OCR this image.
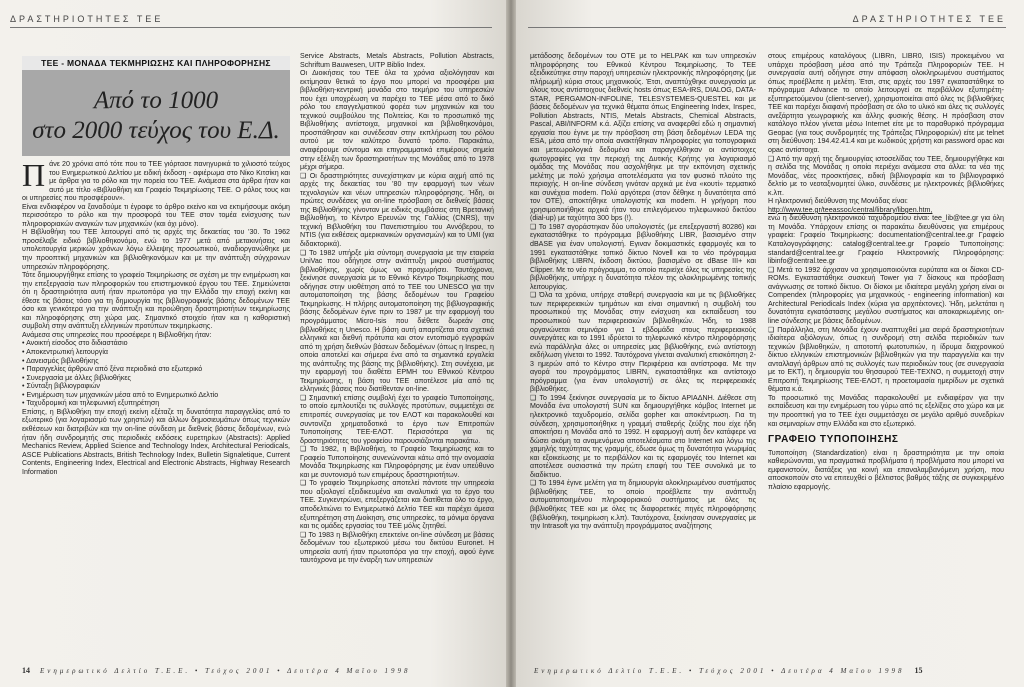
ΔΡΑΣΤΗΡΙΟΤΗΤΕΣ ΤΕΕ
ΤΕΕ - ΜΟΝΑΔΑ ΤΕΚΜΗΡΙΩΣΗΣ ΚΑΙ ΠΛΗΡΟΦΟΡΗΣΗΣ
Από το 1000
στο 2000 τεύχος του Ε.Δ.

Πάνε 20 χρόνια από τότε που το ΤΕΕ γιόρτασε πανηγυρικά το χιλιοστό τεύχος του Ενημερωτικού Δελτίου με ειδική έκδοση - αφιέρωμα στο Νίκο Κιτσίκη και με άρθρα για το ρόλο και την πορεία του ΤΕΕ. Ανάμεσα στα άρθρα ήταν και αυτό με τίτλο «Βιβλιοθήκη και Γραφείο Τεκμηρίωσης ΤΕΕ. Ο ρόλος τους και οι υπηρεσίες που προσφέρουν».

Είναι ενδιαφέρον να ξαναδούμε τι έγραφε το άρθρο εκείνο και να εκτιμήσουμε ακόμη περισσότερο το ρόλο και την προσφορά του ΤΕΕ στον τομέα ενίσχυσης των πληροφοριακών αναγκών των μηχανικών (και όχι μόνο).

Η Βιβλιοθήκη του ΤΕΕ λειτουργεί από τις αρχές της δεκαετίας του '30. Το 1962 προσέλαβε ειδικό βιβλιοθηκονόμο, ενώ το 1977 μετά από μετακινήσεις και υπολειτουργία μερικών χρόνων λόγω έλλειψης προσωπικού, αναδιοργανώθηκε με την προοπτική μηχανικών και βιβλιοθηκονόμων και με την ανάπτυξη σύγχρονων υπηρεσιών πληροφόρησης.

Τότε δημιουργήθηκε επίσης το γραφείο Τεκμηρίωσης σε σχέση με την ενημέρωση και την επεξεργασία των πληροφοριών του επιστημονικού έργου του ΤΕΕ. Σημειώνεται ότι η δραστηριότητα αυτή ήταν πρωτοπόρα για την Ελλάδα την εποχή εκείνη και έθεσε τις βάσεις τόσο για τη δημιουργία της βιβλιογραφικής βάσης δεδομένων ΤΕΕ όσο και γενικότερα για την ανάπτυξη και προώθηση δραστηριοτήτων τεκμηρίωσης και πληροφόρησης στη χώρα μας. Σημαντικό στοιχείο ήταν και η καθοριστική συμβολή στην ανάπτυξη ελληνικών προτύπων τεκμηρίωσης.

Ανάμεσα στις υπηρεσίες που προσέφερε η Βιβλιοθήκη ήταν:

• Ανοικτή είσοδος στο διδιαστάσιο
• Αποκεντρωτική λειτουργία
• Δανεισμός βιβλιοθήκης
• Παραγγελίες άρθρων από ξένα περιοδικά στο εξωτερικό
• Συνεργασία με άλλες βιβλιοθήκες
• Σύνταξη βιβλιογραφιών
• Ενημέρωση των μηχανικών μέσα από το Ενημερωτικό Δελτίο
• Ταχυδρομική και τηλεφωνική εξυπηρέτηση

Επίσης, η Βιβλιοθήκη την εποχή εκείνη εξέταζε τη δυνατότητα παραγγελίας από το εξωτερικό (για λογαριασμό των χρηστών) και άλλων δημοσιευμάτων όπως τεχνικών εκθέσεων και διατριβών και την on-line σύνδεση με διεθνείς βάσεις δεδομένων, ενώ ήταν ήδη συνδρομητής στις περιοδικές εκδόσεις ευρετηρίων (Abstracts): Applied Mechanics Review, Applied Science and Technology Index, Architectural Periodicals, ASCE Publications Abstracts, British Technology Index, Bulletin Signaletique, Current Contents, Engineering Index, Electrical and Electronic Abstracts, Highway Research Information

Service Abstracts, Metals Abstracts, Pollution Abstracts, Schriftum Bauwesen, UITP Biblio Index.

Οι Διοικήσεις του ΤΕΕ όλα τα χρόνια αξιολόγησαν και εκτίμησαν θετικά το έργο που μπορεί να προσφέρει μια βιβλιοθήκη-κεντρική μονάδα στο τεκμήριο του υπηρεσιών που έχει υποχρέωση να παρέχει το ΤΕΕ μέσα από το δικό ρόλο του επαγγελματικού φορέα των μηχανικών και του τεχνικού συμβούλου της Πολιτείας. Και το προσωπικό της Βιβλιοθήκης αντίστοιχα, μηχανικοί και βιβλιοθηκονόμοι, προσπάθησαν και συνέδεσαν στην εκπλήρωση του ρόλου αυτού με τον καλύτερο δυνατό τρόπο. Παρακάτω, αναφέρουμε σύντομα και επιγραμματικά επιμέρους σημεία στην εξέλιξη των δραστηριοτήτων της Μονάδας από το 1978 μέχρι σήμερα.

❑ Οι δραστηριότητες συνεχίστηκαν με κύρια αιχμή από τις αρχές της δεκαετίας του '80 την εφαρμογή των νέων τεχνολογιών και νέων υπηρεσιών πληροφόρησης. Ήδη, οι πρώτες συνδέσεις για on-line πρόσβαση σε διεθνείς βάσεις της Βιβλιοθήκης γίνονταν με ειδικές συμβάσεις στη Βρετανική Βιβλιοθήκη, το Κέντρο Ερευνών της Γαλλίας (CNRS), την τεχνική Βιβλιοθήκη του Πανεπιστημίου του Αννόβερου, το NTIS (για εκθέσεις αμερικανικών οργανισμών) και το UMI (για διδακτορικά).

❑ Το 1982 υπήρξε μία σύντομη συνεργασία με την εταιρεία UniVac που οδήγησε στην ανάπτυξη μικρού συστήματος βιβλιοθήκης, χωρίς όμως να προχωρήσει. Ταυτόχρονα, ξεκίνησε συνεργασία με το Εθνικό Κέντρο Τεκμηρίωσης που οδήγησε στην υιοθέτηση από το ΤΕΕ του UNESCO για την αυτοματοποίηση της βάσης δεδομένων του Γραφείου Τεκμηρίωσης. Η πλήρης αυτοματοποίηση της βιβλιογραφικής βάσης δεδομένων έγινε πριν το 1987 με την εφαρμογή του προγράμματος Micro-Isis που διέθετε δωρεάν στις βιβλιοθήκες η Unesco. Η βάση αυτή απαρτίζεται στα σχετικά ελληνικά και διεθνή πρότυπα και στον εντοπισμό εγγραφών από τη χρήση διεθνών βάσεων δεδομένων (όπως η Inspec, η οποία αποτελεί και σήμερα ένα από τα σημαντικά εργαλεία της ανάπτυξης της βάσης της βιβλιοθήκης). Στη συνέχεια, με την εφαρμογή του διαθέτει ΕΡΜΗ του Εθνικού Κέντρου Τεκμηρίωσης, η βάση του ΤΕΕ αποτέλεσε μία από τις ελληνικές βάσεις που διατίθενταν on-line.

❑ Σημαντική επίσης συμβολή έχει το γραφείο Τυποποίησης, το οποίο εμπλουτίζει τις συλλογές προτύπων, συμμετέχει σε επιτροπές συνεργασίας με τον ΕΛΟΤ και παρακολουθεί και συντονίζει χρηματοδοτικά το έργο των Επιτροπών Τυποποίησης ΤΕΕ-ΕΛΟΤ. Περισσότερα για τις δραστηριότητες του γραφείου παρουσιάζονται παρακάτω.

❑ Το 1982, η Βιβλιοθήκη, το Γραφείο Τεκμηρίωσης και το Γραφείο Τυποποίησης συνενώνονται κάτω από την ονομασία Μονάδα Τεκμηρίωσης και Πληροφόρησης με έναν υπεύθυνο και με συντονισμό των επιμέρους δραστηριοτήτων.

❑ Το γραφείο Τεκμηρίωσης αποτελεί πάντοτε την υπηρεσία που αξιολογεί εξειδικευμένα και αναλυτικά για το έργο του ΤΕΕ. Συγκεντρώνει, επεξεργάζεται και διατίθεται όλο το έργο, αποδελτιώνει το Ενημερωτικό Δελτίο ΤΕΕ και παρέχει άμεσα εξυπηρέτηση στη Διοίκηση, στις υπηρεσίες, τα μόνιμα όργανα και τις ομάδες εργασίας του ΤΕΕ μόλις ζητηθεί.

❑ Το 1983 η Βιβλιοθήκη επεκτείνε on-line σύνδεση με βάσεις δεδομένων του εξωτερικού μέσω του δικτύου Euronet. Η υπηρεσία αυτή ήταν πρωτοπόρα για την εποχή, αφού έγινε ταυτόχρονα με την έναρξη των υπηρεσιών

14 Ενημερωτικό Δελτίο Τ.Ε.Ε. • Τεύχος 2001 • Δευτέρα 4 Μαΐου 1998
ΔΡΑΣΤΗΡΙΟΤΗΤΕΣ ΤΕΕ

μετάδοσης δεδομένων του ΟΤΕ με το HELPAK και των υπηρεσιών πληροφόρησης του Εθνικού Κέντρου Τεκμηρίωσης. Το ΤΕΕ εξειδικεύτηκε στην παροχή υπηρεσιών ηλεκτρονικής πληροφόρησης (με πλήρωμή) κύρια στους μηχανικούς. Έτσι, αναπτύχθηκε συνεργασία με όλους τους αντίστοιχους διεθνείς hosts όπως ESA-IRS, DIALOG, DATA-STAR, PERGAMON-INFOLINE, TELESYSTEMES-QUESTEL και με βάσεις δεδομένων για τεχνικά θέματα όπως Engineering Index, Inspec, Pollution Abstracts, NTIS, Metals Abstracts, Chemical Abstracts, Pascal, ABI/INFORM κ.ά. Αξίζει επίσης να αναφερθεί εδώ η σημαντική εργασία που έγινε με την πρόσβαση στη βάση δεδομένων LEDA της ESA, μέσα από την οποία ανακτήθηκαν πληροφορίες για τοπογραφικά και μετεωρολογικά δεδομένα και παραγγέλθηκαν οι αντίστοιχες φωτογραφίες για την περιοχή της Δυτικής Κρήτης για λογαριασμό ομάδας της Μονάδας που ασχολήθηκε με την εκπόνηση σχετικής μελέτης με πολύ χρήσιμα αποτελέσματα για τον φυσικό πλούτο της περιοχής. Η on-line σύνδεση γινόταν αρχικά με ένα «κουτί» τερματικό και συνέχεια modem. Πολύ αργότερα (στον δέθηκε η δυνατότητα από τον ΟΤΕ), αποκτήθηκε υπολογιστής και modem. Η γρήγορη που χρησιμοποιήθηκε αρχικά ήταν του επιλεγόμενου τηλεφωνικού δικτύου (dial-up) με ταχύτητα 300 bps (!).

❑ Το 1987 αγοράστηκαν δύο υπολογιστές (με επεξεργαστή 80286) και εγκαταστάθηκε το πρόγραμμα βιβλιοθήκης LIBR, βασισμένο στην dBASE για έναν υπολογιστή. Εγιναν δοκιμαστικές εφαρμογές και το 1991 εγκαταστάθηκε τοπικό δίκτυο Novell και το νέο πρόγραμμα βιβλιοθήκης LIBRN, έκδοση δικτύου, βασισμένο σε dBase III+ και Clipper. Με το νέο πρόγραμμα, το οποίο περιείχε όλες τις υπηρεσίες της βιβλιοθήκης, υπήρχε η δυνατότητα πλέον της ολοκληρωμένης τοπικής λειτουργίας.

❑ Όλα τα χρόνια, υπήρχε σταθερή συνεργασία και με τις βιβλιοθήκες των περιφερειακών τμημάτων και είναι σημαντική η συμβολή του προσωπικού της Μονάδας στην ενίσχυση και εκπαίδευση του προσωπικού των περιφερειακών βιβλιοθηκών. Ήδη, το 1988 οργανώνεται σεμινάριο για 1 εβδομάδα στους περιφερειακούς συνεργάτες και το 1991 ιδρύεται το τηλεφωνικό κέντρο πληροφόρησης ενώ παράλληλα άλες οι υπηρεσίες μας βιβλιοθήκης, ενώ αντίστοιχη εκδήλωση γίνεται το 1992. Ταυτόχρονα γίνεται αναλυτική επισκόπηση 2-3 ημερών από το Κέντρο στην Περιφέρεια και αντίστροφα. Με την αγορά του προγράμματος LIBRN, εγκαταστάθηκε και αντίστοιχο πρόγραμμα (για έναν υπολογιστή) σε όλες τις περιφερειακές βιβλιοθήκες.

❑ Το 1994 ξεκίνησε συνεργασία με το δίκτυο ΑΡΙΑΔΝΗ. Διέθεσε στη Μονάδα ένα υπολογιστή SUN και δημιουργήθηκε κόμβος Internet με ηλεκτρονικό ταχυδρομείο, σελίδα gopher και αποκέντρωση. Για τη σύνδεση, χρησιμοποιήθηκε η γραμμή σταθερής ζεύξης που είχε ήδη αποκτήσει η Μονάδα από το 1992. Η εφαρμογή αυτή δεν κατάφερε να δώσει ακόμη τα αναμενόμενα αποτελέσματα στο Internet και λόγω της χαμηλής ταχύτητας της γραμμής, έδωσε όμως τη δυνατότητα γνωριμίας και εξοικείωσης με το περιβάλλον και τις εφαρμογές του Internet και αποτέλεσε ουσιαστικά την πρώτη επαφή του ΤΕΕ συνολικά με το διαδίκτυο.

❑ Το 1994 έγινε μελέτη για τη δημιουργία ολοκληρωμένου συστήματος βιβλιοθήκης ΤΕΕ, το οποίο προέβλεπε την ανάπτυξη αυτοματοποιημένου πληροφοριακού συστήματος με όλες τις βιβλιοθήκες ΤΕΕ και με όλες τις διαφορετικές πηγές πληροφόρησης (βιβλιοθήκη, τεκμηρίωση κ.λπ). Ταυτόχρονα, ξεκίνησαν συνεργασίες με την Intrasoft για την ανάπτυξη προγράμματος αναζήτησης

στους επιμέρους καταλόγους (LIBRn, LIBR0, ISIS) προκειμένου να υπάρχει πρόσβαση μέσα από την Τράπεζα Πληροφοριών ΤΕΕ. Η συνεργασία αυτή οδήγησε στην απόφαση ολοκληρωμένου συστήματος όπως προέβλεπε η μελέτη. Έτσι, στις αρχές του 1997 εγκαταστάθηκε το πρόγραμμα Advance το οποίο λειτουργεί σε περιβάλλον εξυπηρέτη-εξυπηρετούμενου (client-server), χρησιμοποιείται από όλες τις βιβλιοθήκες ΤΕΕ και παρέχει διαφανή πρόσβαση σε όλο το υλικό και όλες τις συλλογές ανεξάρτητα γεωγραφικής και άλλης φυσικής θέσης. Η πρόσβαση στον κατάλογο πλέον γίνεται μέσω Internet είτε με το παραθυρικό πρόγραμμα Geopac (για τους συνδρομητές της Τράπεζας Πληροφοριών) είτε με telnet στη διεύθυνση: 194.42.41.4 και με κωδικούς χρήστη και password opac και opac αντίστοιχα.

❑ Από την αρχή της δημιουργίας ιστοσελίδας του ΤΕΕ, δημιουργήθηκε και η σελίδα της Μονάδας η οποία περιέχει ανάμεσα στα άλλα: τα νέα της Μονάδας, νέες προσκτήσεις, ειδική βιβλιογραφία και το βιβλιογραφικό δελτίο με το νεοταξινομητεί ύλικο, συνδέσεις με ηλεκτρονικές βιβλιοθήκες κ.λπ.

Η ηλεκτρονική διεύθυνση της Μονάδας είναι:

http://www.tee.gr/teeassoc/central/library/libgen.htm,

ενώ η διεύθυνση ηλεκτρονικού ταχυδρομείου είναι: tee_lib@tee.gr για όλη τη Μονάδα. Υπάρχουν επίσης οι παρακάτω διευθύνσεις για επιμέρους γραφεία: Γραφείο Τεκμηρίωσης: documentation@central.tee.gr Γραφείο Καταλογογράφησης: catalog@central.tee.gr Γραφείο Τυποποίησης: standard@central.tee.gr Γραφείο Ηλεκτρονικής Πληροφόρησης: libinfo@central.tee.gr

❑ Μετά το 1992 άρχισαν να χρησιμοποιούνται ευρύτατα και οι δίσκοι CD-ROMs. Εγκαταστάθηκε συσκευή Tower για 7 δίσκους και πρόσβαση ανάγνωσης σε τοπικό δίκτυο. Οι δίσκοι με ιδιαίτερα μεγάλη χρήση είναι οι Compendex (πληροφορίες για μηχανικούς - engineering information) και Architectural Periodicals Index (κύρια για αρχιτέκτονες). Ήδη, μελετάται η δυνατότητα εγκατάστασης μεγάλου συστήματος και αποκαρκωμένης on-line σύνδεσης με βάσεις δεδομένων.

❑ Παράλληλα, στη Μονάδα έχουν αναπτυχθεί μια σειρά δραστηριοτήτων ιδιαίτερα αξιόλογων, όπως η συνδρομή στη σελίδα περιοδικών των τεχνικών βιβλιοθηκών, η αποτοπή φωτοτυπιών, η ίδρυμα διαχρονικού δίκτυο ελληνικών επιστημονικών βιβλιοθηκών για την παραγγελία και την ανταλλαγή άρθρων από τις συλλογές των περιοδικών τους (σε συνεργασία με το ΕΚΤ), η δημιουργία του θησαυρού ΤΕΕ-ΤΕΧΝΟ, η συμμετοχή στην Επιτροπή Τεκμηρίωσης ΤΕΕ-ΕΛΟΤ, η προετοιμασία ημερίδων με σχετικά θέματα κ.ά.

Το προσωπικό της Μονάδας παρακολουθεί με ενδιαφέρον για την εκπαίδευση και την ενημέρωση του γύρω από τις εξελίξεις στο χώρο και με την προοπτική για το ΤΕΕ έχει συμμετάσχει σε μεγάλο αριθμό συνεδρίων και σεμιναρίων στην Ελλάδα και στο εξωτερικό.

ΓΡΑΦΕΙΟ ΤΥΠΟΠΟΙΗΣΗΣ

Τυποποίηση (Standardization) είναι η δραστηριότητα με την οποία καθιερώνονται, για πραγματικά προβλήματα ή προβλήματα που μπορεί να εμφανιστούν, διατάξεις για κοινή και επαναλαμβανόμενη χρήση, που αποσκοπούν στο να επιτευχθεί ο βέλτιστος βαθμός τάξης σε συγκεκριμένο πλαίσιο εφαρμογής.

Ενημερωτικό Δελτίο Τ.Ε.Ε. • Τεύχος 2001 • Δευτέρα 4 Μαΐου 1998 15
